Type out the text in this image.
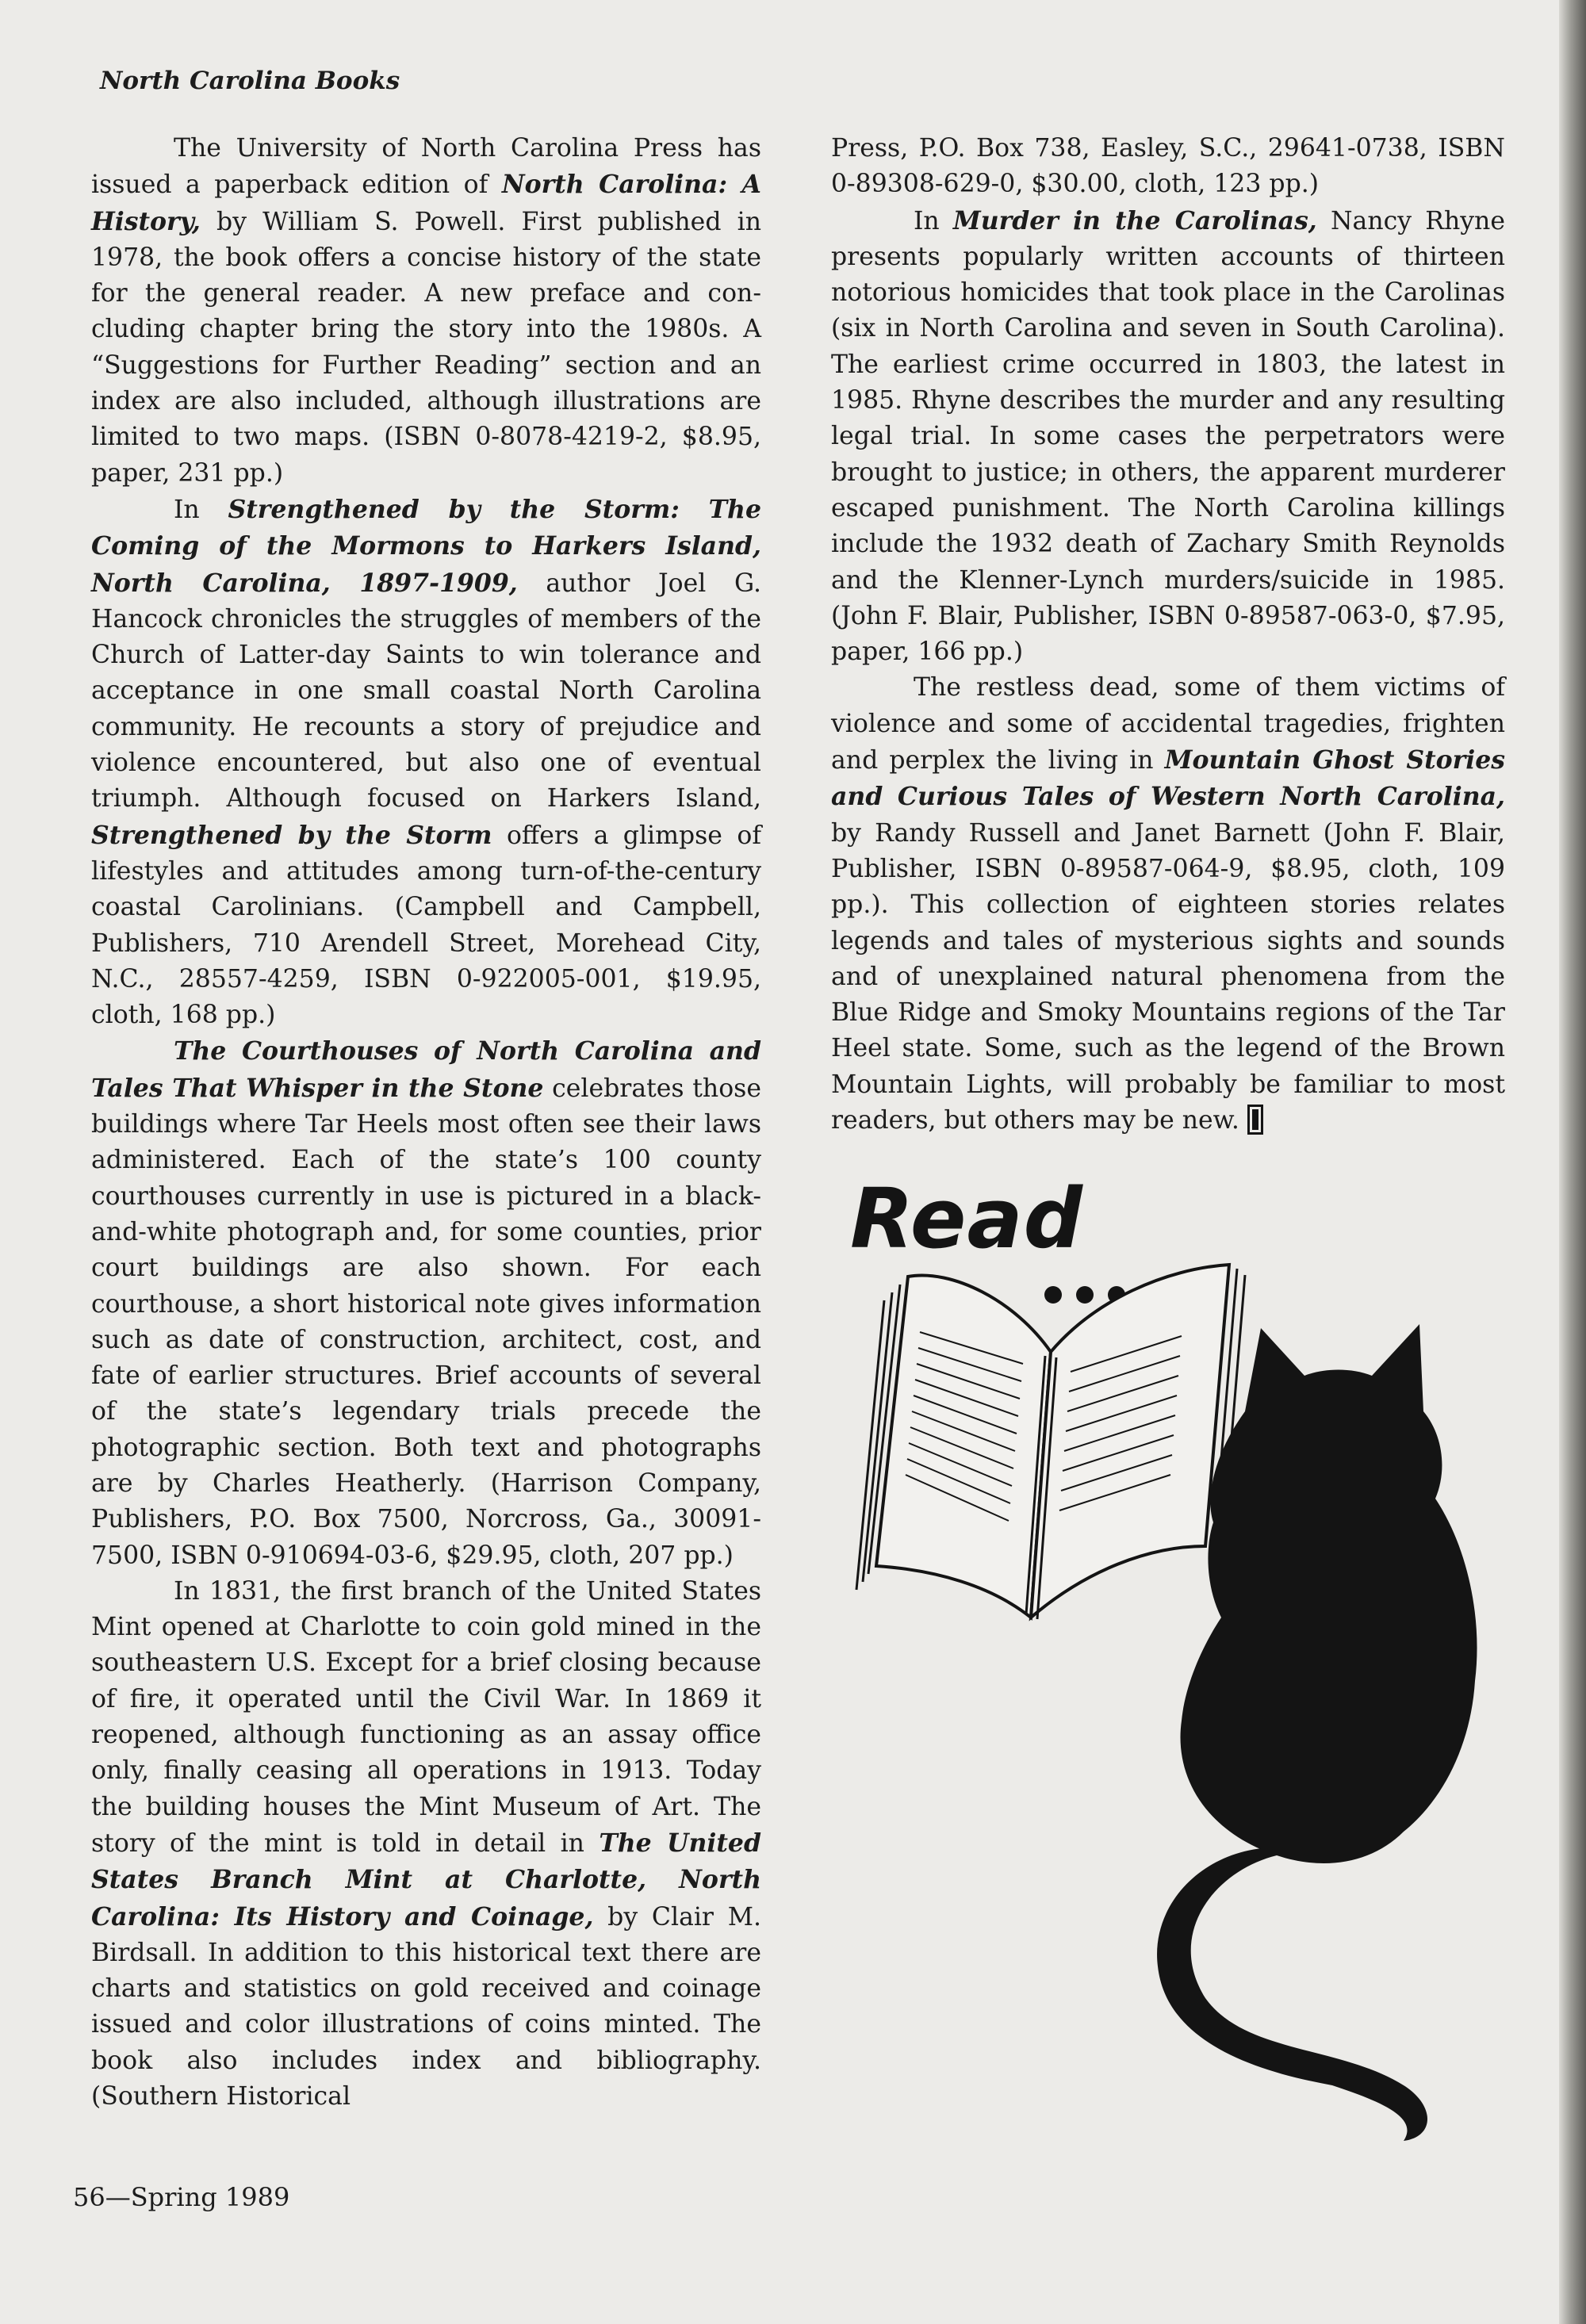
North Carolina Books

The University of North Carolina Press has issued a paperback edition of North Carolina: A History, by William S. Powell. First published in 1978, the book offers a concise history of the state for the general reader. A new preface and concluding chapter bring the story into the 1980s. A “Suggestions for Further Reading” section and an index are also included, although illustrations are limited to two maps. (ISBN 0-8078-4219-2, $8.95, paper, 231 pp.)

In Strengthened by the Storm: The Coming of the Mormons to Harkers Island, North Carolina, 1897-1909, author Joel G. Hancock chronicles the struggles of members of the Church of Latter-day Saints to win tolerance and acceptance in one small coastal North Carolina community. He recounts a story of prejudice and violence encountered, but also one of eventual triumph. Although focused on Harkers Island, Strengthened by the Storm offers a glimpse of lifestyles and attitudes among turn-of-the-century coastal Carolinians. (Campbell and Campbell, Publishers, 710 Arendell Street, Morehead City, N.C., 28557-4259, ISBN 0-922005-001, $19.95, cloth, 168 pp.)

The Courthouses of North Carolina and Tales That Whisper in the Stone celebrates those buildings where Tar Heels most often see their laws administered. Each of the state’s 100 county courthouses currently in use is pictured in a black-and-white photograph and, for some counties, prior court buildings are also shown. For each courthouse, a short historical note gives information such as date of construction, architect, cost, and fate of earlier structures. Brief accounts of several of the state’s legendary trials precede the photographic section. Both text and photographs are by Charles Heatherly. (Harrison Company, Publishers, P.O. Box 7500, Norcross, Ga., 30091-7500, ISBN 0-910694-03-6, $29.95, cloth, 207 pp.)

In 1831, the first branch of the United States Mint opened at Charlotte to coin gold mined in the southeastern U.S. Except for a brief closing because of fire, it operated until the Civil War. In 1869 it reopened, although functioning as an assay office only, finally ceasing all operations in 1913. Today the building houses the Mint Museum of Art. The story of the mint is told in detail in The United States Branch Mint at Charlotte, North Carolina: Its History and Coinage, by Clair M. Birdsall. In addition to this historical text there are charts and statistics on gold received and coinage issued and color illustrations of coins minted. The book also includes index and bibliography. (Southern Historical

Press, P.O. Box 738, Easley, S.C., 29641-0738, ISBN 0-89308-629-0, $30.00, cloth, 123 pp.)

In Murder in the Carolinas, Nancy Rhyne presents popularly written accounts of thirteen notorious homicides that took place in the Carolinas (six in North Carolina and seven in South Carolina). The earliest crime occurred in 1803, the latest in 1985. Rhyne describes the murder and any resulting legal trial. In some cases the perpetrators were brought to justice; in others, the apparent murderer escaped punishment. The North Carolina killings include the 1932 death of Zachary Smith Reynolds and the Klenner-Lynch murders/suicide in 1985. (John F. Blair, Publisher, ISBN 0-89587-063-0, $7.95, paper, 166 pp.)

The restless dead, some of them victims of violence and some of accidental tragedies, frighten and perplex the living in Mountain Ghost Stories and Curious Tales of Western North Carolina, by Randy Russell and Janet Barnett (John F. Blair, Publisher, ISBN 0-89587-064-9, $8.95, cloth, 109 pp.). This collection of eighteen stories relates legends and tales of mysterious sights and sounds and of unexplained natural phenomena from the Blue Ridge and Smoky Mountains regions of the Tar Heel state. Some, such as the legend of the Brown Mountain Lights, will probably be familiar to most readers, but others may be new.

Read

56—Spring 1989
